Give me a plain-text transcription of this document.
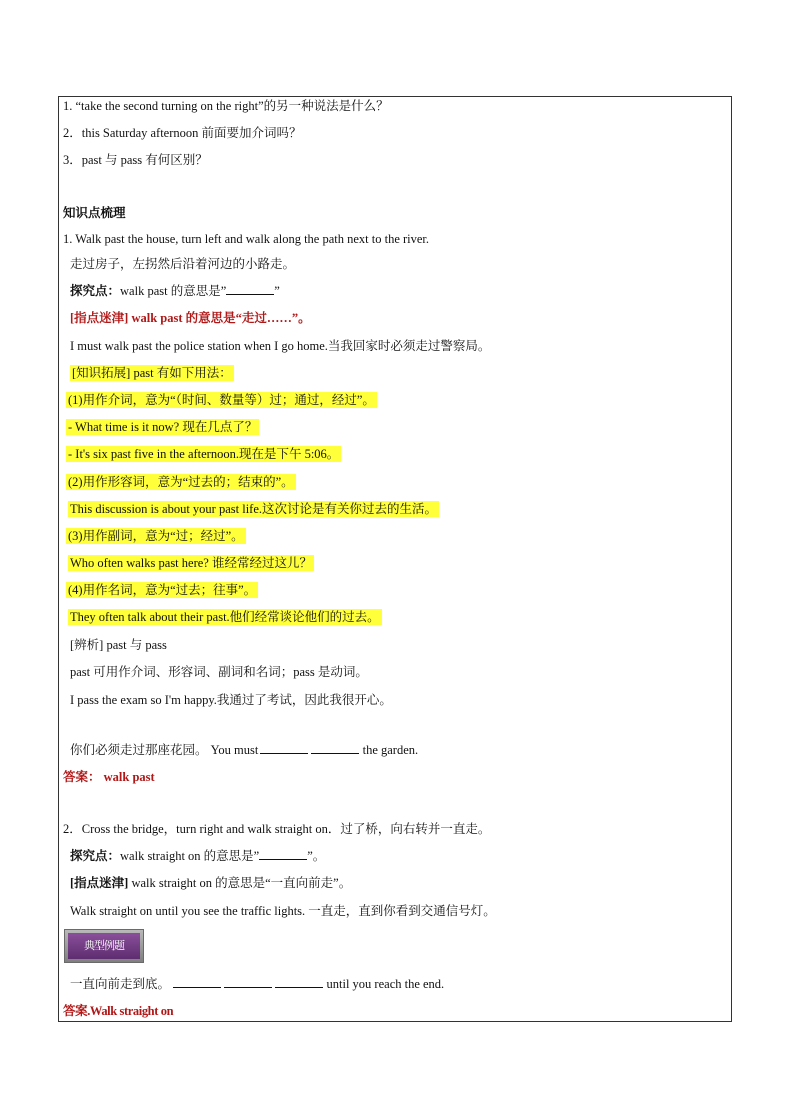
1. “take the second turning on the right”的另一种说法是什么？
2．this Saturday afternoon 前面要加介词吗？
3．past 与 pass 有何区别？
知识点梳理
1. Walk past the house, turn left and walk along the path next to the river.
走过房子，左拐然后沿着河边的小路走。
探究点：walk past 的意思是”	”
[指点迷津] walk past 的意思是“走过……”。
I must walk past the police station when I go home.当我回家时必须走过警察局。
[知识拓展] past 有如下用法：
(1)用作介词，意为“（时间、数量等）过；通过，经过”。
- What time is it now? 现在几点了？
- It's six past five in the afternoon.现在是下午 5:06。
(2)用作形容词，意为“过去的；结束的”。
This discussion is about your past life.这次讨论是有关你过去的生活。
(3)用作副词，意为“过；经过”。
Who often walks past here? 谁经常经过这儿？
(4)用作名词，意为“过去；往事”。
They often talk about their past.他们经常谈论他们的过去。
[辨析] past 与 pass
past 可用作介词、形容词、副词和名词；pass 是动词。
I pass the exam so I'm happy.我通过了考试，因此我很开心。
你们必须走过那座花园。 You must	the garden.
答案： walk past
2．Cross the bridge，turn right and walk straight on．过了桥，向右转并一直走。
探究点：walk straight on 的意思是”	”。
[指点迷津] walk straight on 的意思是“一直向前走”。
Walk straight on until you see the traffic lights. 一直走，直到你看到交通信号灯。
典型例题
一直向前走到底。	until you reach the end.
答案.Walk straight on
